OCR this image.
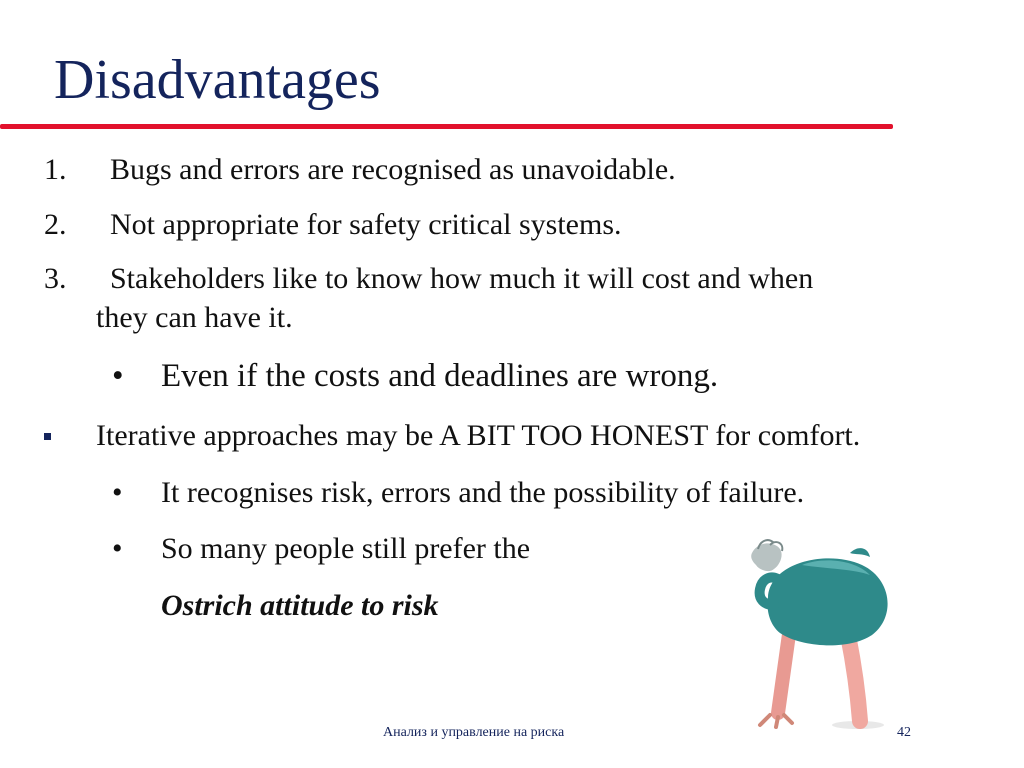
Disadvantages
1. Bugs and errors are recognised as unavoidable.
2. Not appropriate for safety critical systems.
3. Stakeholders like to know how much it will cost and when
they can have it.
• Even if the costs and deadlines are wrong.
Iterative approaches may be A BIT TOO HONEST for comfort.
• It recognises risk, errors and the possibility of failure.
• So many people still prefer the
Ostrich attitude to risk
42
Анализ и управление на риска
